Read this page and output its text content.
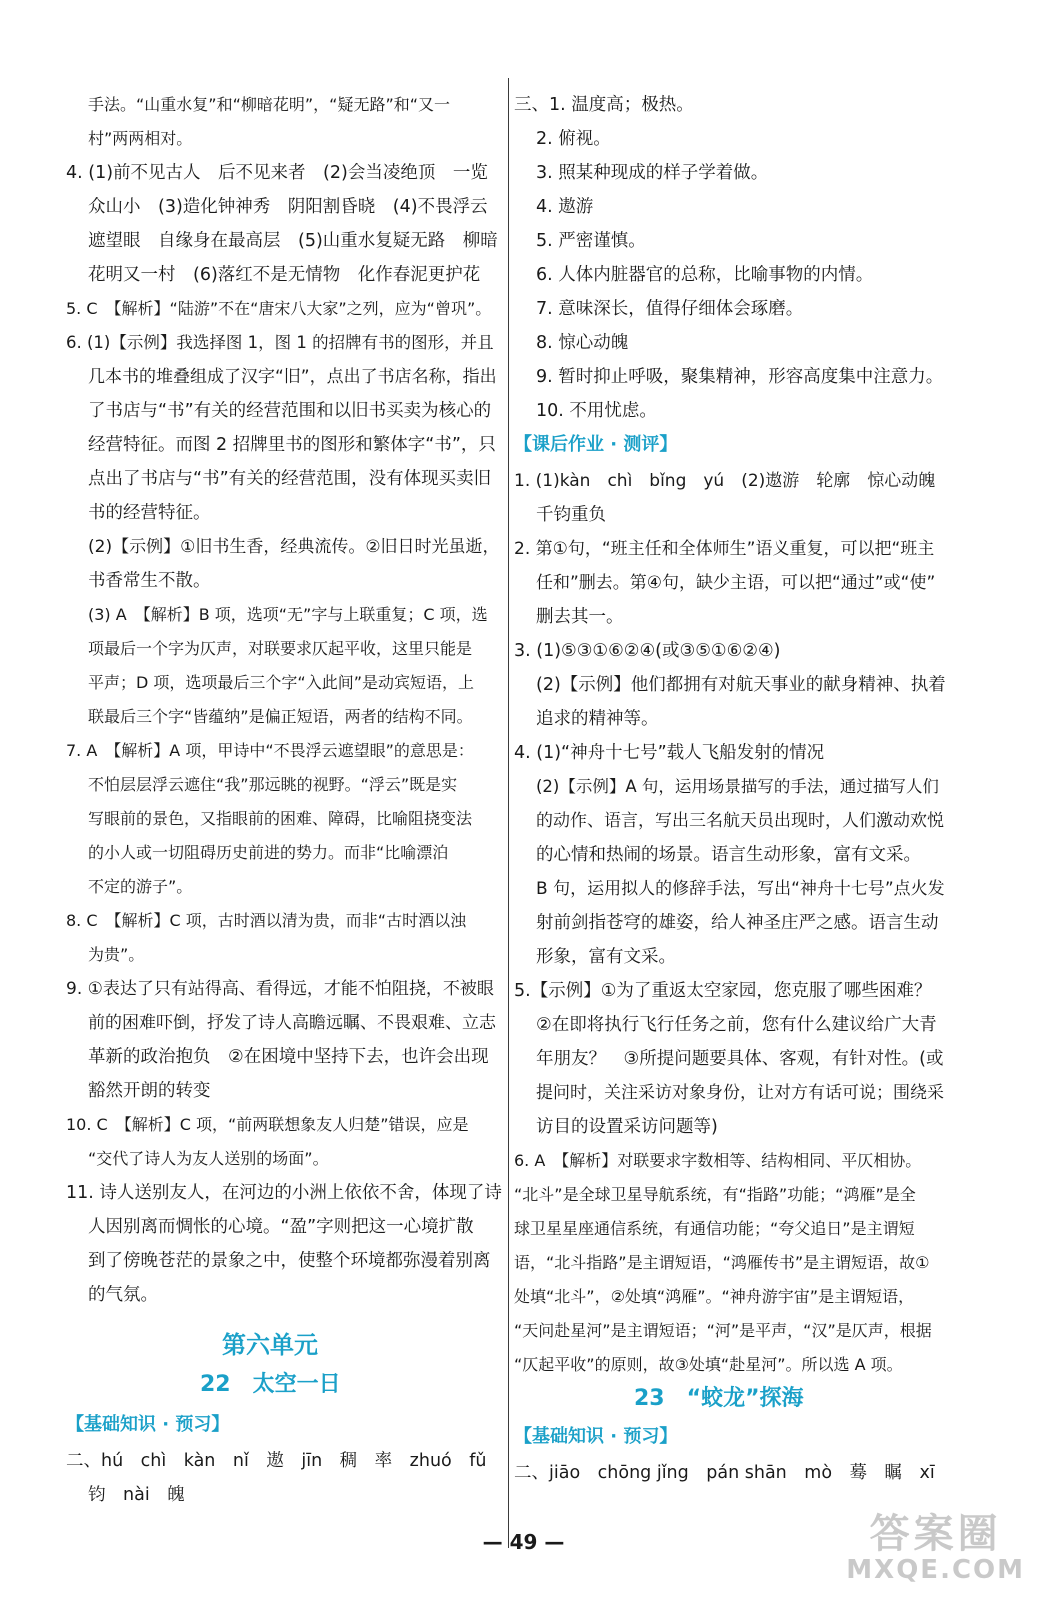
手法。“山重水复”和“柳暗花明”，“疑无路”和“又一
村”两两相对。
4. (1)前不见古人　后不见来者　(2)会当凌绝顶　一览
众山小　(3)造化钟神秀　阴阳割昏晓　(4)不畏浮云
遮望眼　自缘身在最高层　(5)山重水复疑无路　柳暗
花明又一村　(6)落红不是无情物　化作春泥更护花
5. C　【解析】“陆游”不在“唐宋八大家”之列，应为“曾巩”。
6. (1)【示例】我选择图 1，图 1 的招牌有书的图形，并且
几本书的堆叠组成了汉字“旧”，点出了书店名称，指出
了书店与“书”有关的经营范围和以旧书买卖为核心的
经营特征。而图 2 招牌里书的图形和繁体字“书”，只
点出了书店与“书”有关的经营范围，没有体现买卖旧
书的经营特征。
(2)【示例】①旧书生香，经典流传。②旧日时光虽逝，
书香常生不散。
(3) A　【解析】B 项，选项“无”字与上联重复；C 项，选
项最后一个字为仄声，对联要求仄起平收，这里只能是
平声；D 项，选项最后三个字“入此间”是动宾短语，上
联最后三个字“皆蕴纳”是偏正短语，两者的结构不同。
7. A　【解析】A 项，甲诗中“不畏浮云遮望眼”的意思是：
不怕层层浮云遮住“我”那远眺的视野。“浮云”既是实
写眼前的景色，又指眼前的困难、障碍，比喻阻挠变法
的小人或一切阻碍历史前进的势力。而非“比喻漂泊
不定的游子”。
8. C　【解析】C 项，古时酒以清为贵，而非“古时酒以浊
为贵”。
9. ①表达了只有站得高、看得远，才能不怕阻挠，不被眼
前的困难吓倒，抒发了诗人高瞻远瞩、不畏艰难、立志
革新的政治抱负　②在困境中坚持下去，也许会出现
豁然开朗的转变
10. C　【解析】C 项，“前两联想象友人归楚”错误，应是
“交代了诗人为友人送别的场面”。
11. 诗人送别友人，在河边的小洲上依依不舍，体现了诗
人因别离而惆怅的心境。“盈”字则把这一心境扩散
到了傍晚苍茫的景象之中，使整个环境都弥漫着别离
的气氛。
第六单元
22　太空一日
【基础知识 · 预习】
二、hú　chì　kàn　nǐ　遨　jīn　稠　率　zhuó　fǔ
钧　nài　魄
三、1. 温度高；极热。
2. 俯视。
3. 照某种现成的样子学着做。
4. 遨游
5. 严密谨慎。
6. 人体内脏器官的总称，比喻事物的内情。
7. 意味深长，值得仔细体会琢磨。
8. 惊心动魄
9. 暂时抑止呼吸，聚集精神，形容高度集中注意力。
10. 不用忧虑。
【课后作业 · 测评】
1. (1)kàn　chì　bǐng　yú　(2)遨游　轮廓　惊心动魄
千钧重负
2. 第①句，“班主任和全体师生”语义重复，可以把“班主
任和”删去。第④句，缺少主语，可以把“通过”或“使”
删去其一。
3. (1)⑤③①⑥②④(或③⑤①⑥②④)
(2)【示例】他们都拥有对航天事业的献身精神、执着
追求的精神等。
4. (1)“神舟十七号”载人飞船发射的情况
(2)【示例】A 句，运用场景描写的手法，通过描写人们
的动作、语言，写出三名航天员出现时，人们激动欢悦
的心情和热闹的场景。语言生动形象，富有文采。
B 句，运用拟人的修辞手法，写出“神舟十七号”点火发
射前剑指苍穹的雄姿，给人神圣庄严之感。语言生动
形象，富有文采。
5.【示例】①为了重返太空家园，您克服了哪些困难？
②在即将执行飞行任务之前，您有什么建议给广大青
年朋友？　③所提问题要具体、客观，有针对性。(或
提问时，关注采访对象身份，让对方有话可说；围绕采
访目的设置采访问题等)
6. A　【解析】对联要求字数相等、结构相同、平仄相协。
“北斗”是全球卫星导航系统，有“指路”功能；“鸿雁”是全
球卫星星座通信系统，有通信功能；“夸父追日”是主谓短
语，“北斗指路”是主谓短语，“鸿雁传书”是主谓短语，故①
处填“北斗”，②处填“鸿雁”。“神舟游宇宙”是主谓短语，
“天问赴星河”是主谓短语；“河”是平声，“汉”是仄声，根据
“仄起平收”的原则，故③处填“赴星河”。所以选 A 项。
23　“蛟龙”探海
【基础知识 · 预习】
二、jiāo　chōng jǐng　pán shān　mò　蓦　瞩　xī
— 49 —	答案圈
MXQE.COM
